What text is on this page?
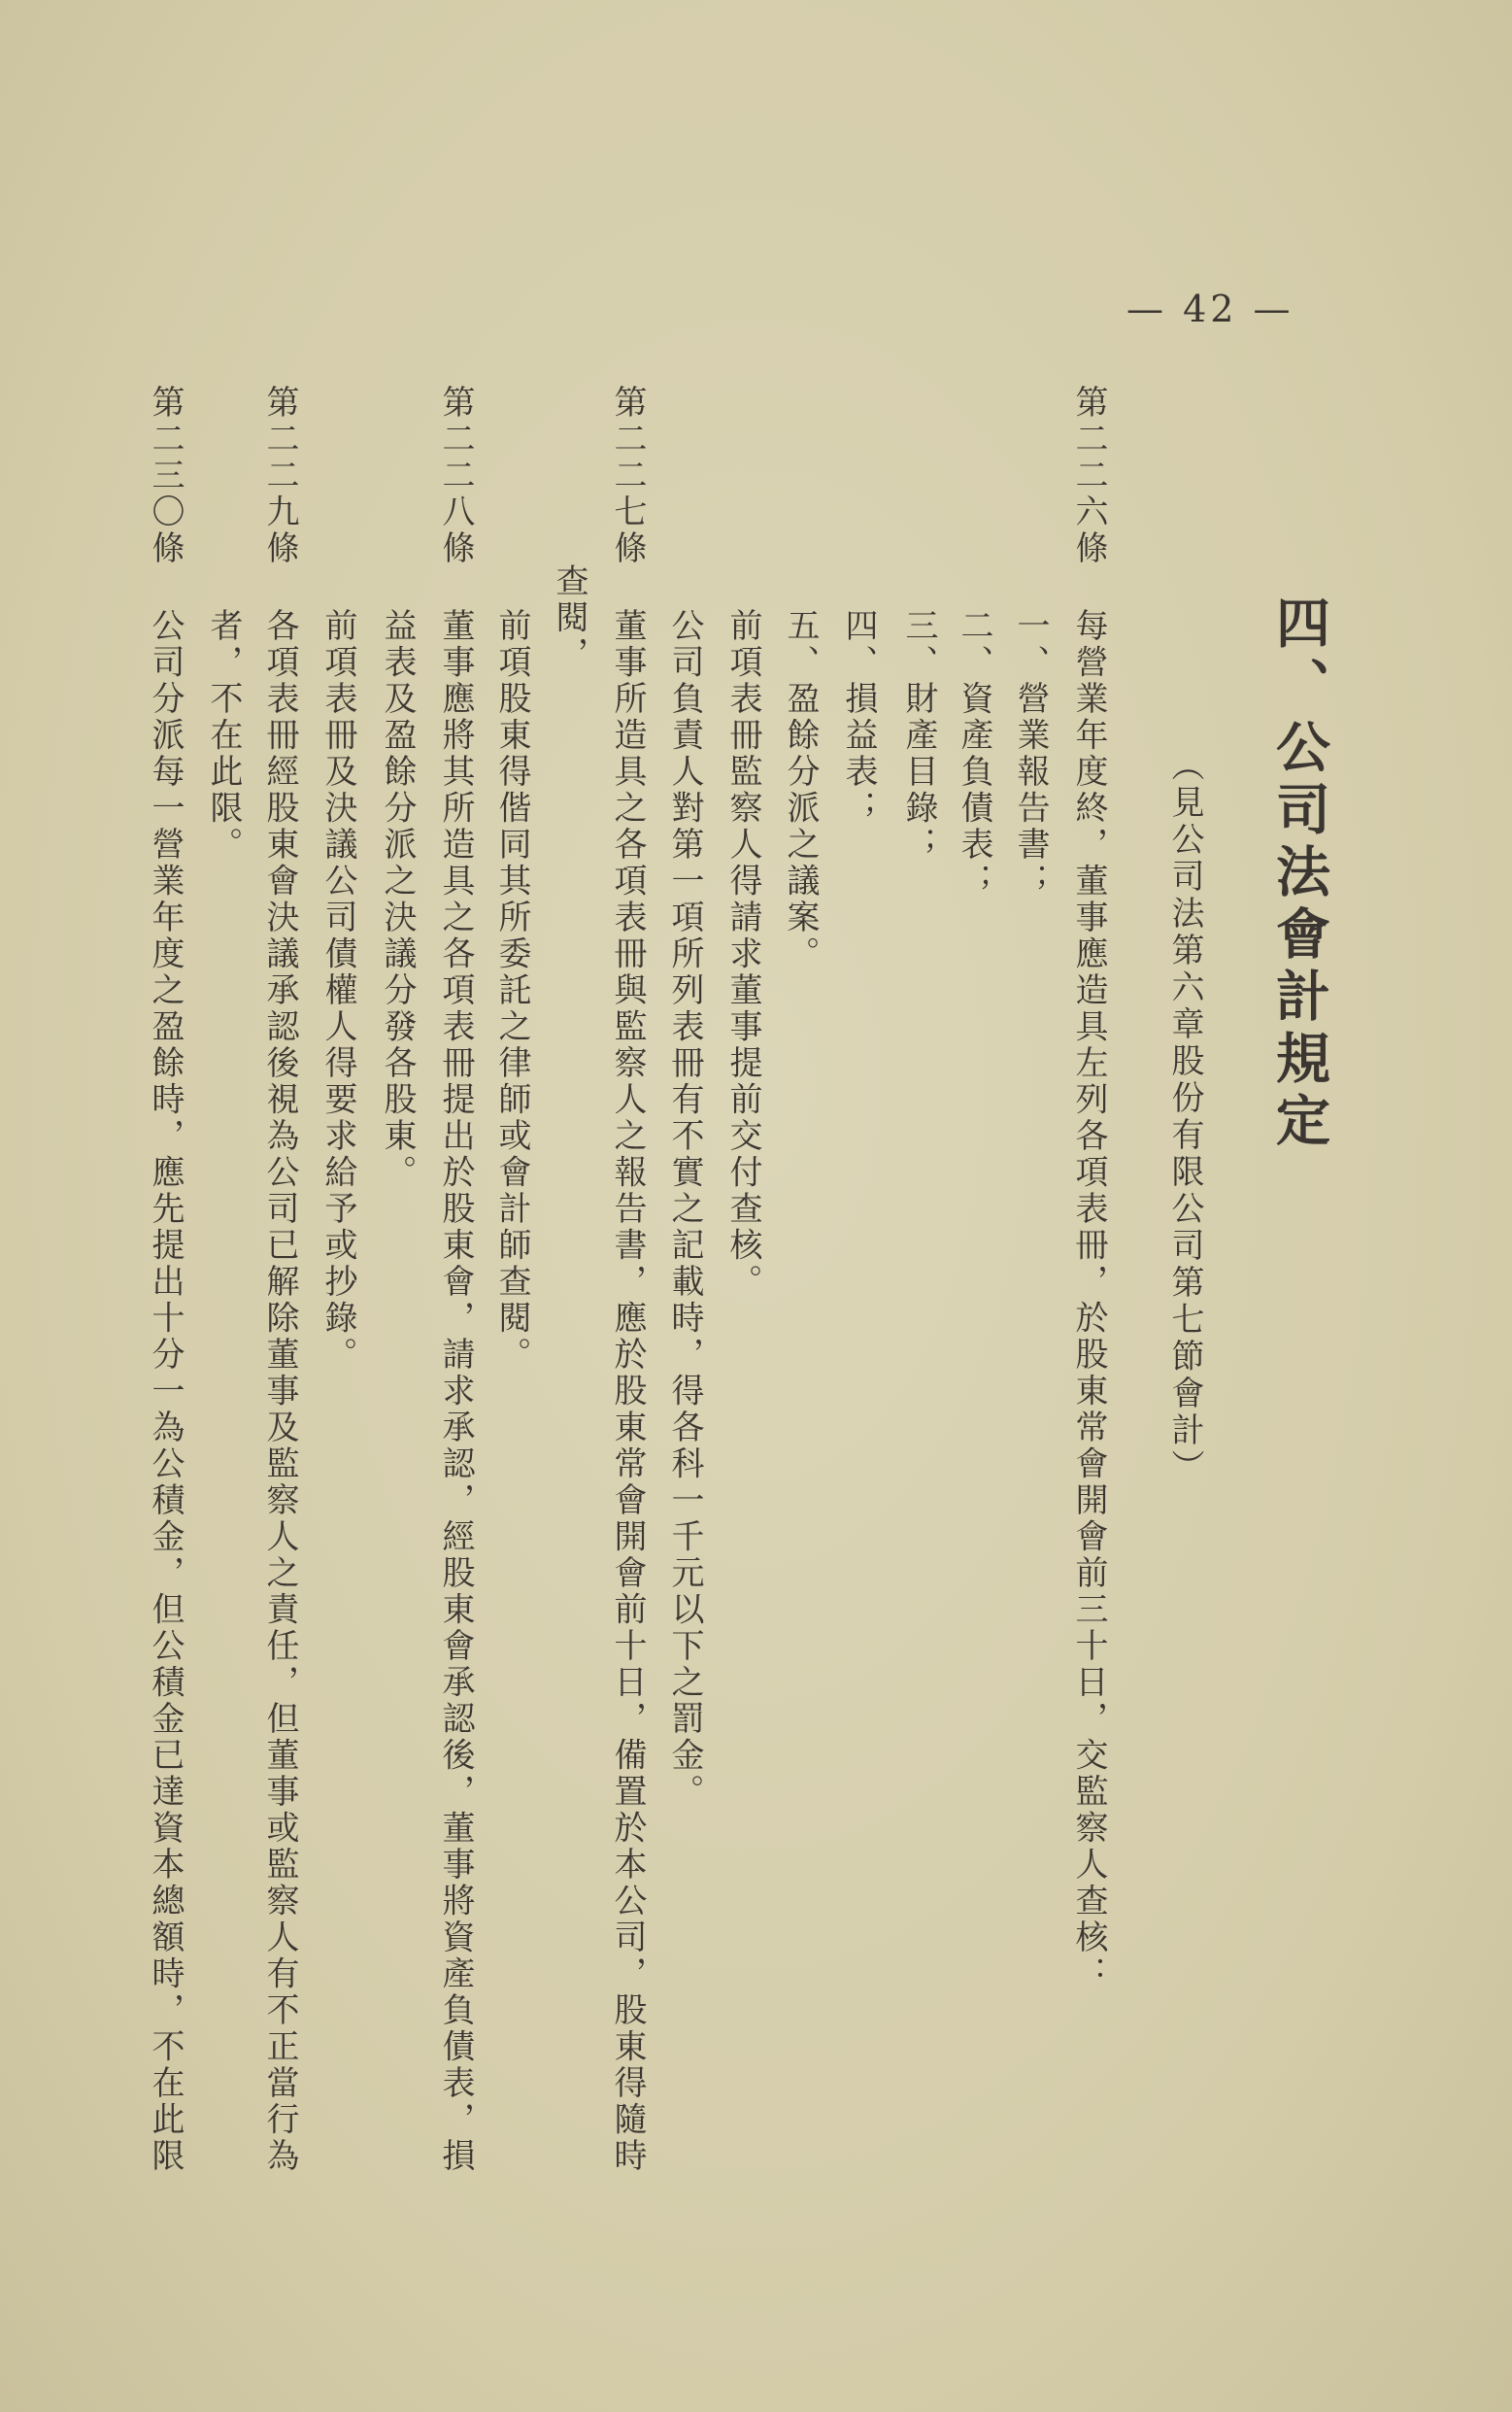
— 42 —
四、公司法會計規定
（見公司法第六章股份有限公司第七節會計）
第二二六條
每營業年度終，董事應造具左列各項表冊，於股東常會開會前三十日，交監察人查核：
一、營業報告書；
二、資產負債表；
三、財產目錄；
四、損益表；
五、盈餘分派之議案。
前項表冊監察人得請求董事提前交付查核。
公司負責人對第一項所列表冊有不實之記載時，得各科一千元以下之罰金。
第二二七條
董事所造具之各項表冊與監察人之報告書，應於股東常會開會前十日，備置於本公司，股東得隨時
查閱，
前項股東得偕同其所委託之律師或會計師查閱。
第二二八條
董事應將其所造具之各項表冊提出於股東會，請求承認，經股東會承認後，董事將資產負債表，損
益表及盈餘分派之決議分發各股東。
前項表冊及決議公司債權人得要求給予或抄錄。
第二二九條
各項表冊經股東會決議承認後視為公司已解除董事及監察人之責任，但董事或監察人有不正當行為
者，不在此限。
第二三〇條
公司分派每一營業年度之盈餘時，應先提出十分一為公積金，但公積金已達資本總額時，不在此限
